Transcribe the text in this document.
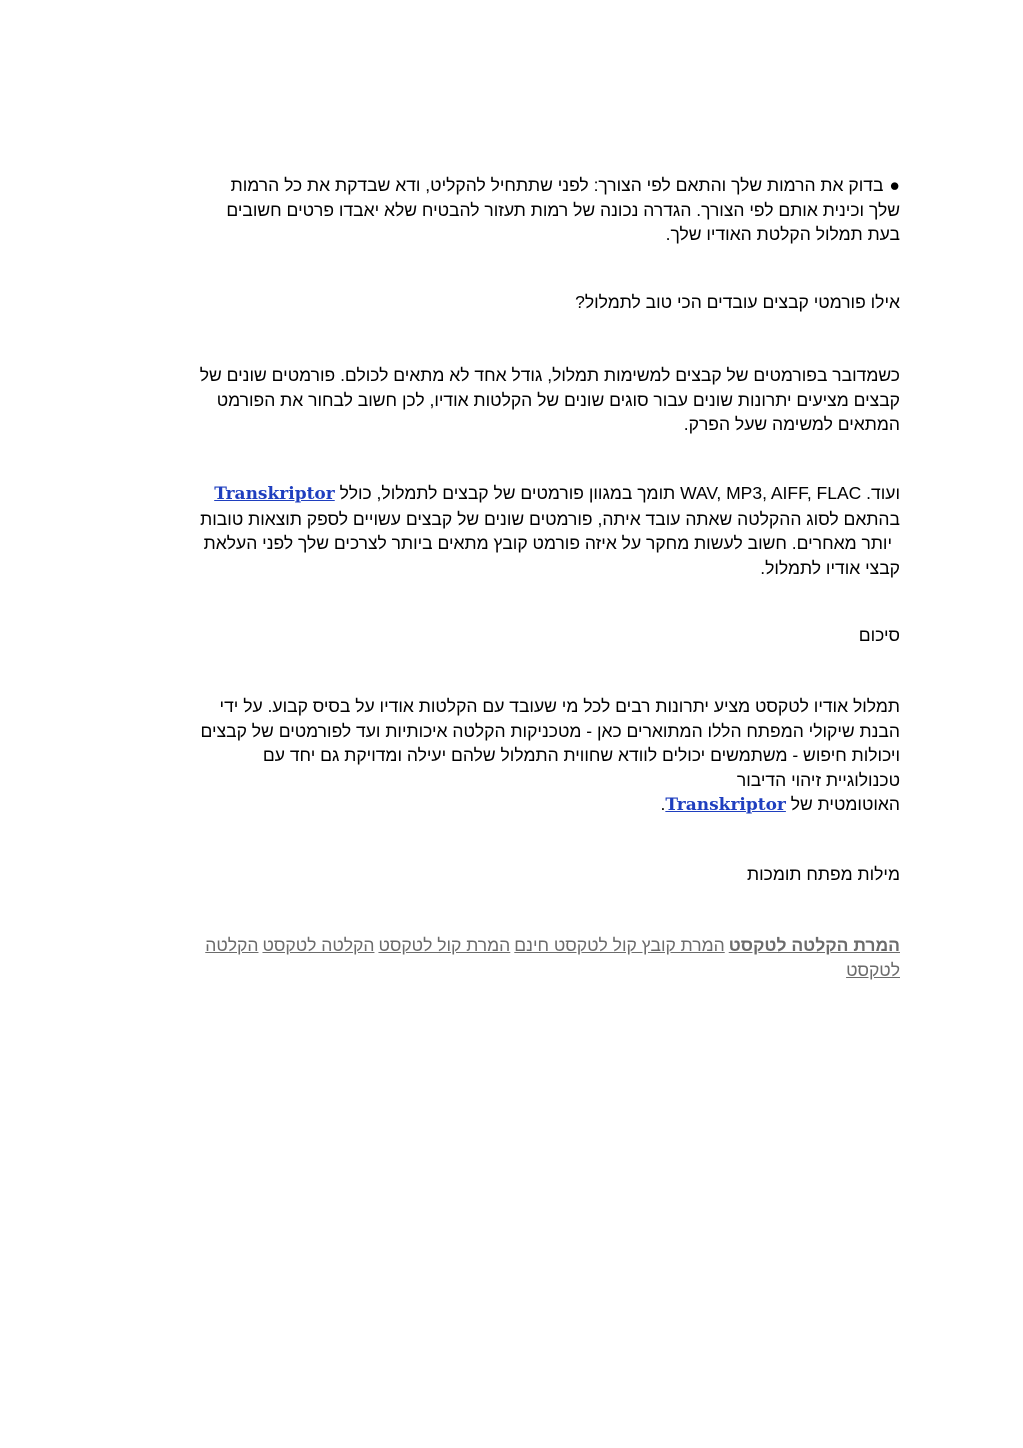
●בדוק את הרמות שלך והתאם לפי הצורך: לפני שתתחיל להקליט, ודא שבדקת את כל הרמות
שלך וכינית אותם לפי הצורך. הגדרה נכונה של רמות תעזור להבטיח שלא יאבדו פרטים חשובים
בעת תמלול הקלטת האודיו שלך.
אילו פורמטי קבצים עובדים הכי טוב לתמלול?
כשמדובר בפורמטים של קבצים למשימות תמלול, גודל אחד לא מתאים לכולם. פורמטים שונים של
קבצים מציעים יתרונות שונים עבור סוגים שונים של הקלטות אודיו, לכן חשוב לבחור את הפורמט
המתאים למשימה שעל הפרק.
ועוד. WAV, MP3, AIFF, FLAC תומך במגוון פורמטים של קבצים לתמלול, כולל Transkriptor
בהתאם לסוג ההקלטה שאתה עובד איתה, פורמטים שונים של קבצים עשויים לספק תוצאות טובות
יותר מאחרים. חשוב לעשות מחקר על איזה פורמט קובץ מתאים ביותר לצרכים שלך לפני העלאת
קבצי אודיו לתמלול.
סיכום
תמלול אודיו לטקסט מציע יתרונות רבים לכל מי שעובד עם הקלטות אודיו על בסיס קבוע. על ידי
הבנת שיקולי המפתח הללו המתוארים כאן - מטכניקות הקלטה איכותיות ועד לפורמטים של קבצים
ויכולות חיפוש - משתמשים יכולים לוודא שחווית התמלול שלהם יעילה ומדויקת גם יחד עם
טכנולוגיית זיהוי הדיבור
האוטומטית של Transkriptor.
מילות מפתח תומכות
המרת הקלטה לטקסטהמרת קובץ קול לטקסט חינםהמרת קול לטקסטהקלטה לטקסטהקלטה
לטקסט
